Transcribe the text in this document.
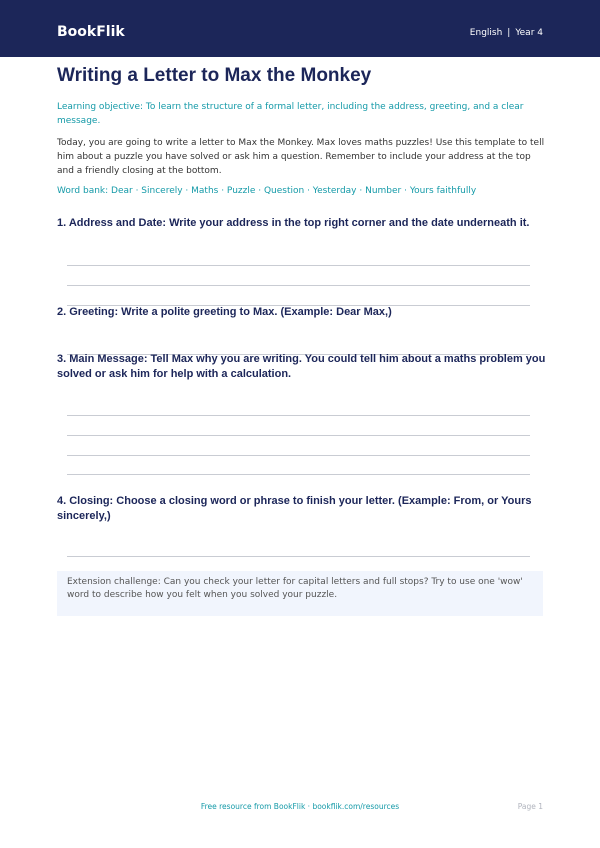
BookFlik	English | Year 4
Writing a Letter to Max the Monkey

Learning objective: To learn the structure of a formal letter, including the address, greeting, and a clear message.

Today, you are going to write a letter to Max the Monkey. Max loves maths puzzles! Use this template to tell him about a puzzle you have solved or ask him a question. Remember to include your address at the top and a friendly closing at the bottom.

Word bank: Dear · Sincerely · Maths · Puzzle · Question · Yesterday · Number · Yours faithfully

1. Address and Date: Write your address in the top right corner and the date underneath it.

2. Greeting: Write a polite greeting to Max. (Example: Dear Max,)

3. Main Message: Tell Max why you are writing. You could tell him about a maths problem you solved or ask him for help with a calculation.

4. Closing: Choose a closing word or phrase to finish your letter. (Example: From, or Yours sincerely,)

Extension challenge: Can you check your letter for capital letters and full stops? Try to use one 'wow' word to describe how you felt when you solved your puzzle.
Free resource from BookFlik · bookflik.com/resources	Page 1
